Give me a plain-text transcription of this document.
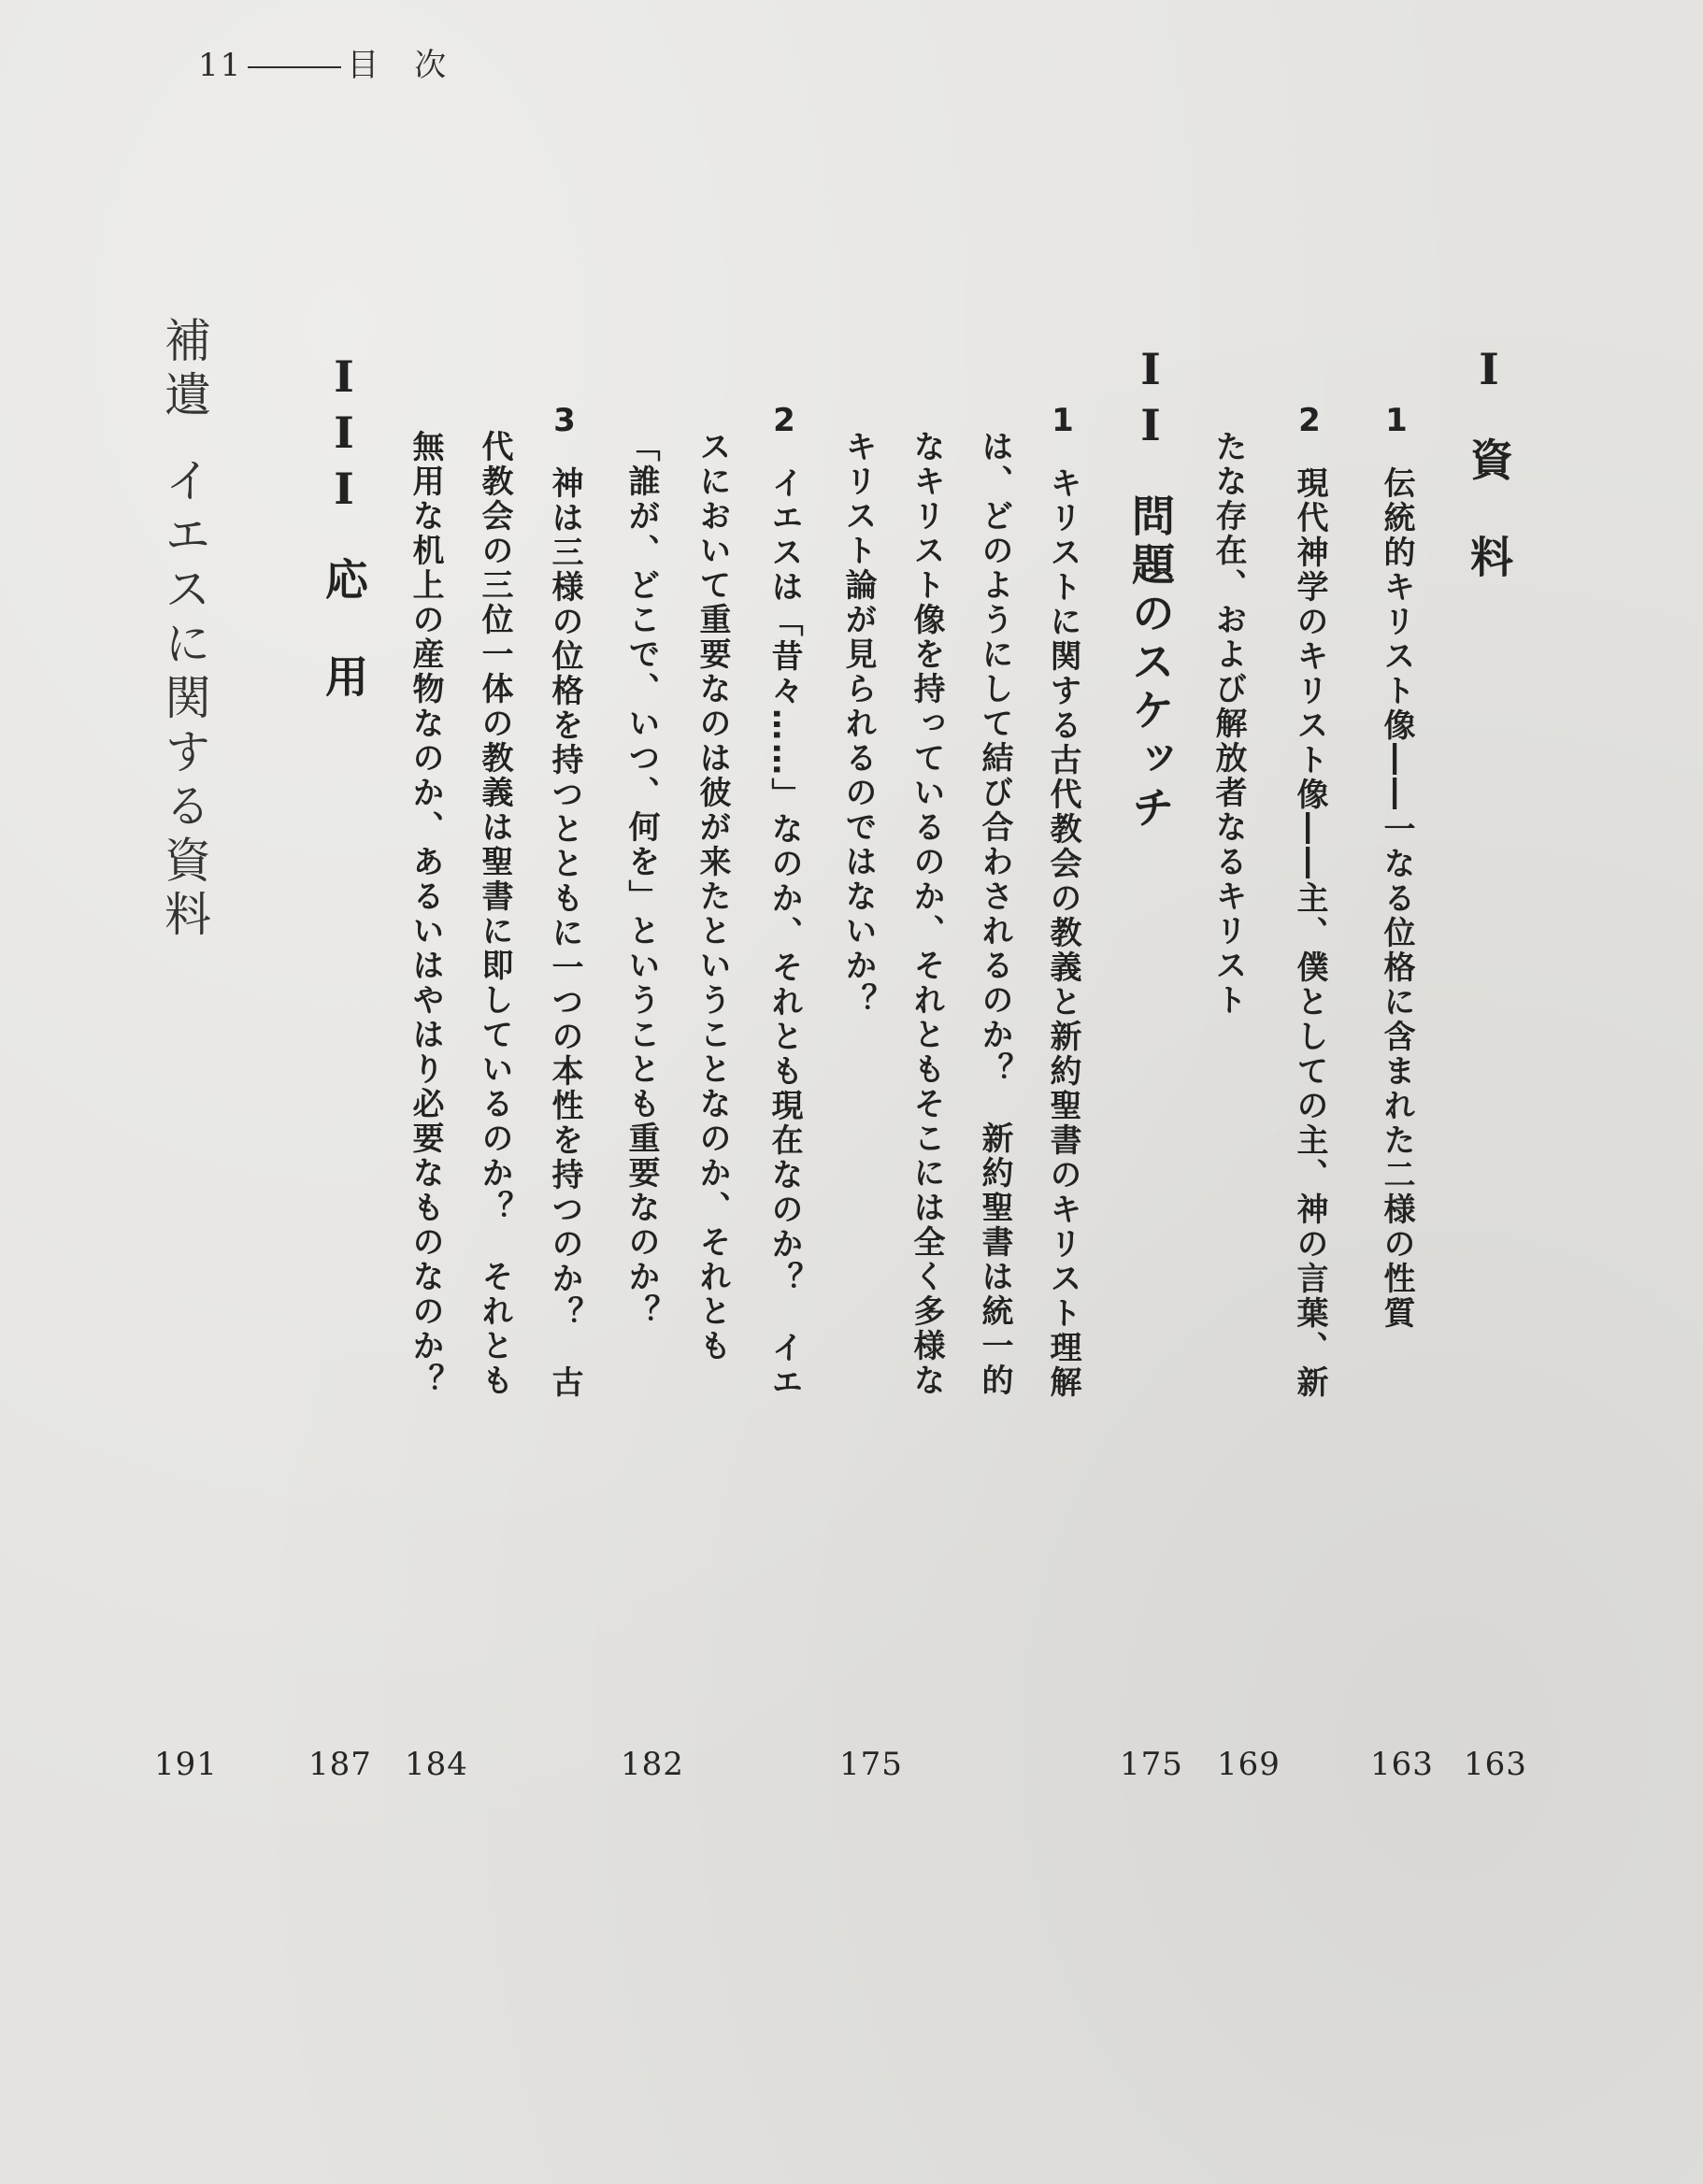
11	目　次
I資　料
1伝統的キリスト像――一なる位格に含まれた二様の性質
2現代神学のキリスト像――主、僕としての主、神の言葉、新
たな存在、および解放者なるキリスト
II問題のスケッチ
1キリストに関する古代教会の教義と新約聖書のキリスト理解
は、どのようにして結び合わされるのか？　新約聖書は統一的
なキリスト像を持っているのか、それともそこには全く多様な
キリスト論が見られるのではないか？
2イエスは「昔々……」なのか、それとも現在なのか？　イエ
スにおいて重要なのは彼が来たということなのか、それとも
「誰が、どこで、いつ、何を」ということも重要なのか？
3神は三様の位格を持つとともに一つの本性を持つのか？　古
代教会の三位一体の教義は聖書に即しているのか？　それとも
無用な机上の産物なのか、あるいはやはり必要なものなのか？
III応　用
補遺イエスに関する資料
163
163
169
175
175
182
184
187
191
